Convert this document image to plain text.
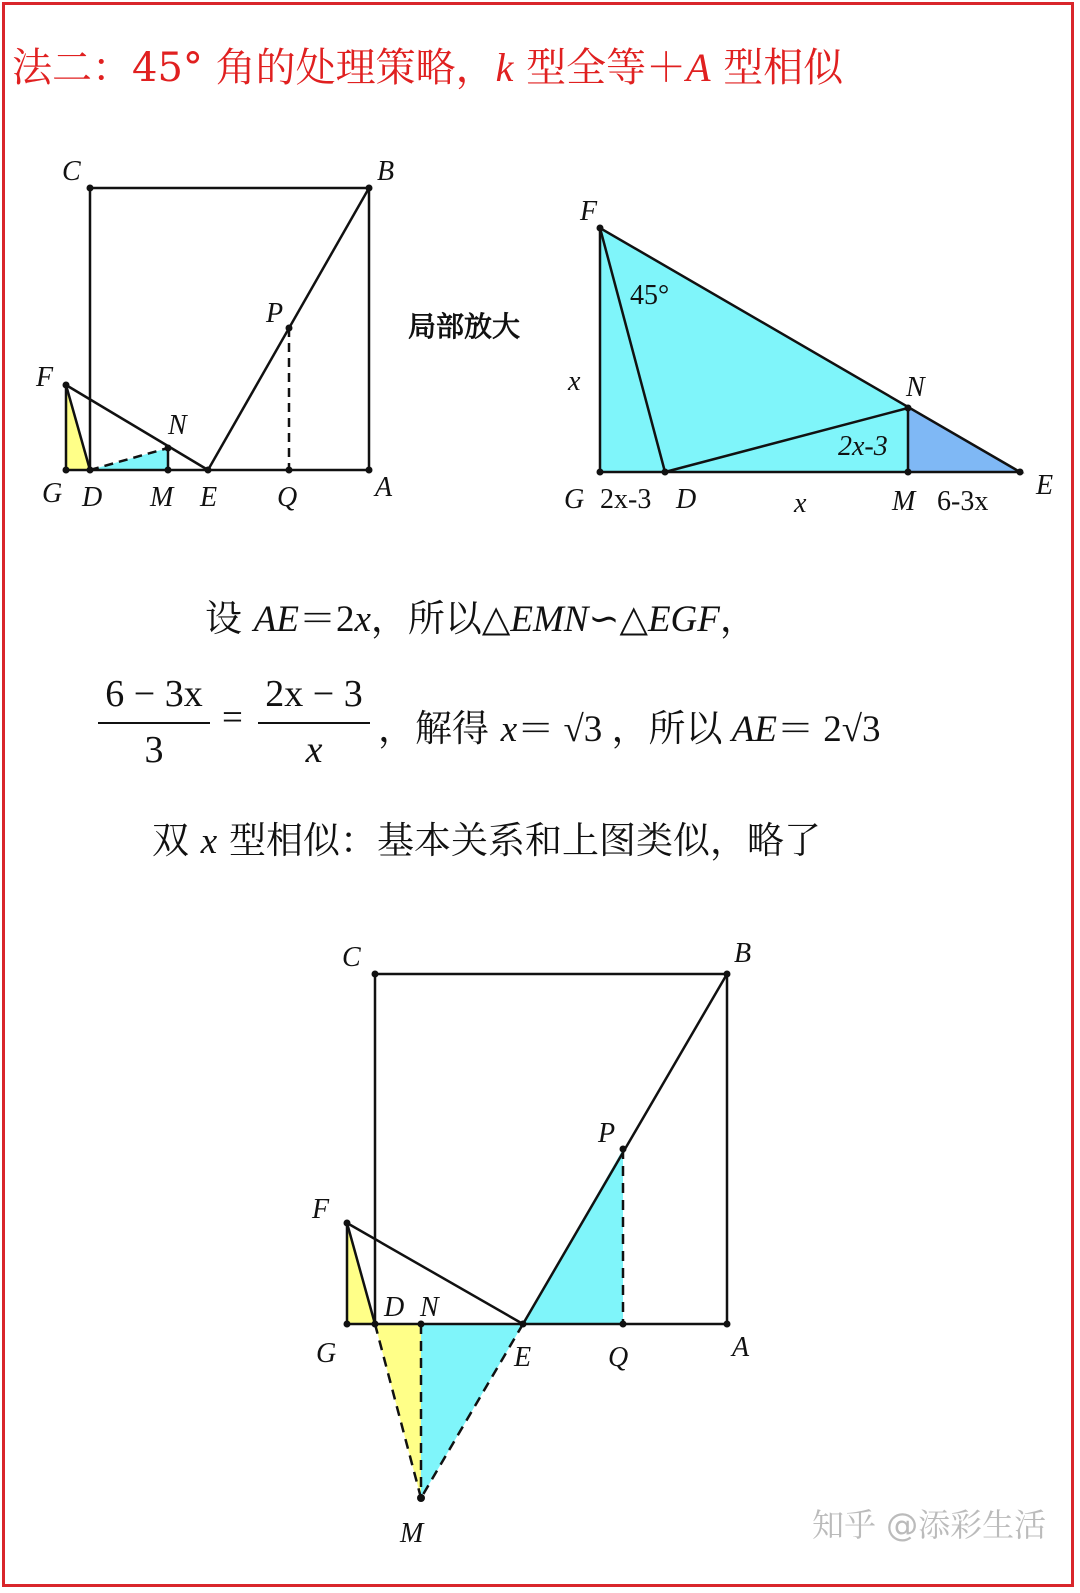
法二：45° 角的处理策略，k 型全等＋A 型相似
C	B
P
F
N
G D M E Q	A
局部放大
F
45°
x	N
2x-3
G 2x-3 D	x	M 6-3x
E
C	B
P
F
D N
G	E	Q	A
M
设 AE＝2x，所以△EMN∽△EGF，
6 − 3x
3
=
2x − 3
x	，解得 x＝ √3 ，所以 AE＝ 2√3
双 x 型相似：基本关系和上图类似，略了
知乎 @添彩生活
